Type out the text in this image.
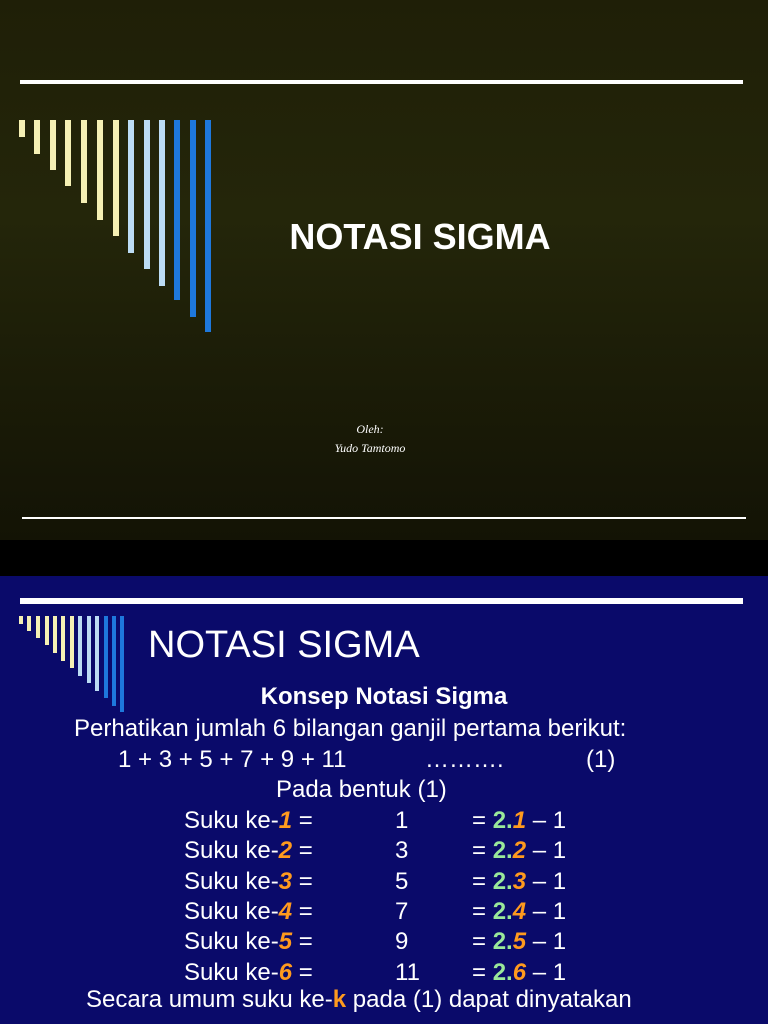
NOTASI SIGMA
Oleh:
Yudo Tamtomo
NOTASI SIGMA
Konsep Notasi Sigma
Perhatikan jumlah 6 bilangan ganjil pertama berikut:
1 + 3 + 5 + 7 + 9 + 11	……….	(1)
Pada bentuk (1)
Suku ke-1 =	1	= 2.1 – 1
Suku ke-2 =	3	= 2.2 – 1
Suku ke-3 =	5	= 2.3 – 1
Suku ke-4 =	7	= 2.4 – 1
Suku ke-5 =	9	= 2.5 – 1
Suku ke-6 =	11 = 2.6 – 1
Secara umum suku ke-k pada (1) dapat dinyatakan
